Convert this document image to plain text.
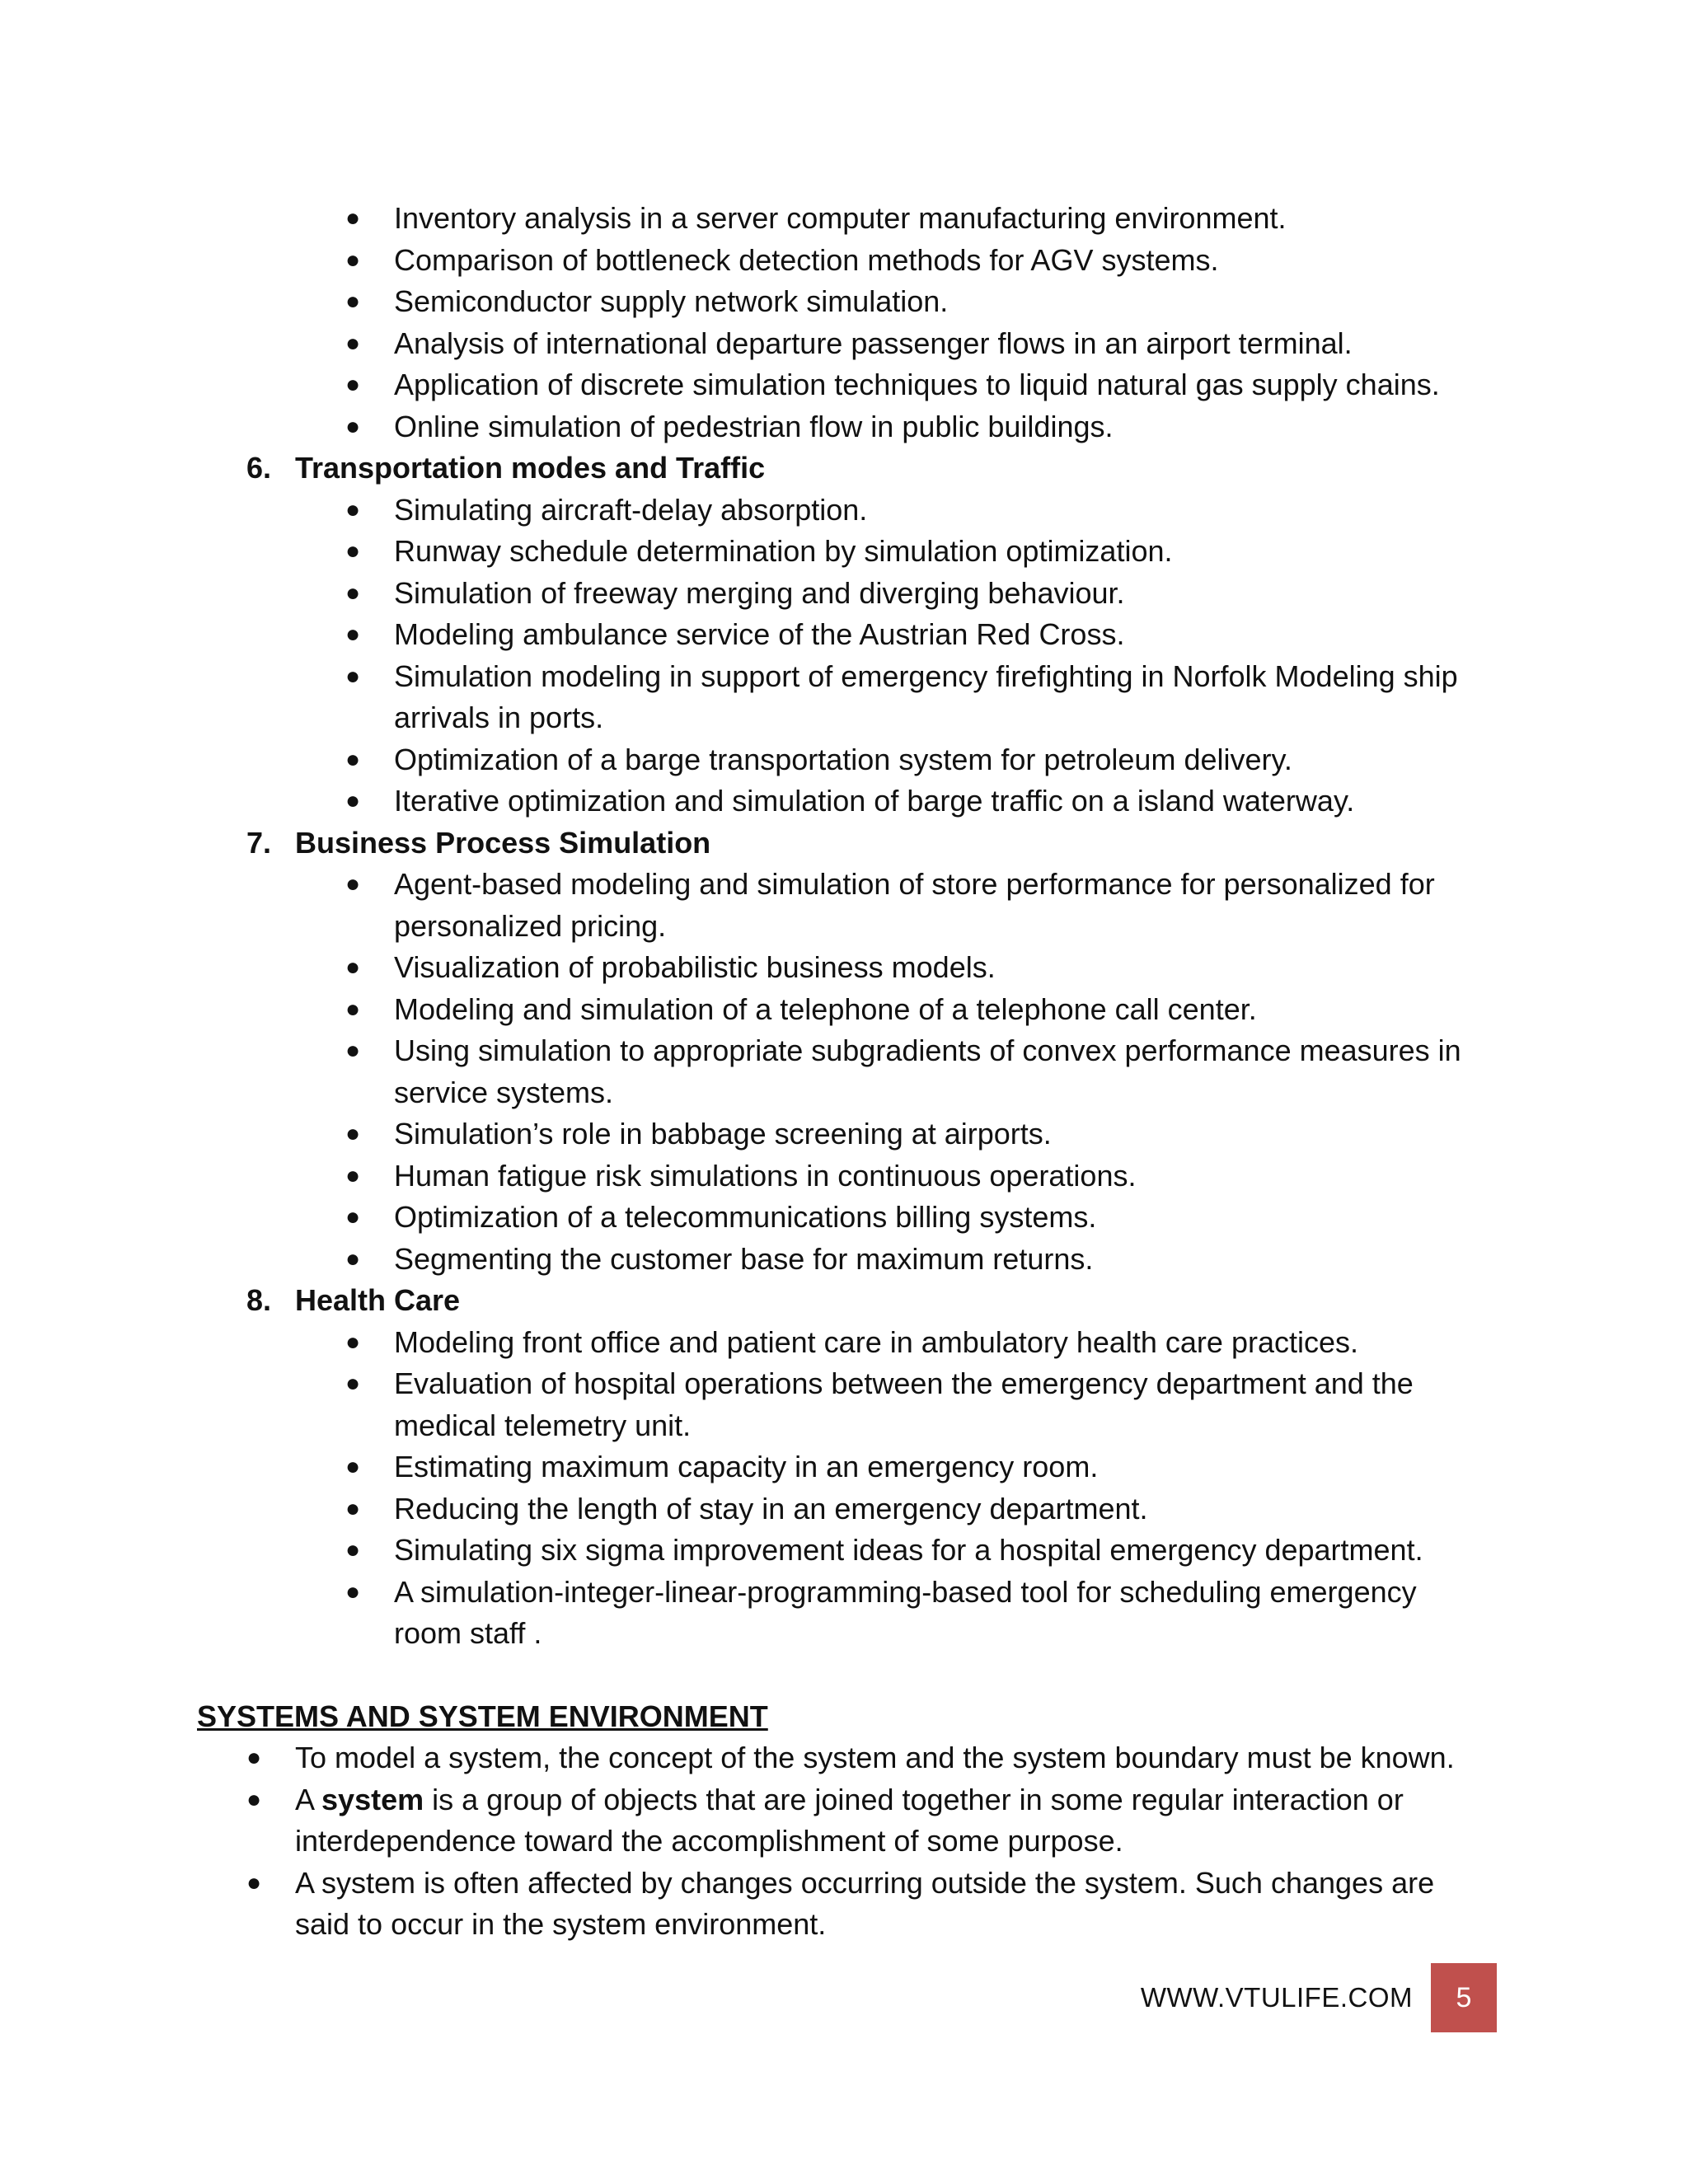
● Inventory analysis in a server computer manufacturing environment.
● Comparison of bottleneck detection methods for AGV systems.
● Semiconductor supply network simulation.
● Analysis of international departure passenger flows in an airport terminal.
● Application of discrete simulation techniques to liquid natural gas supply chains.
● Online simulation of pedestrian flow in public buildings.
6. Transportation modes and Traffic
● Simulating aircraft-delay absorption.
● Runway schedule determination by simulation optimization.
● Simulation of freeway merging and diverging behaviour.
● Modeling ambulance service of the Austrian Red Cross.
● Simulation modeling in support of emergency firefighting in Norfolk Modeling ship arrivals in ports.
● Optimization of a barge transportation system for petroleum delivery.
● Iterative optimization and simulation of barge traffic on a island waterway.
7. Business Process Simulation
● Agent-based modeling and simulation of store performance for personalized for personalized pricing.
● Visualization of probabilistic business models.
● Modeling and simulation of a telephone of a telephone call center.
● Using simulation to appropriate subgradients of convex performance measures in service systems.
● Simulation’s role in babbage screening at airports.
● Human fatigue risk simulations in continuous operations.
● Optimization of a telecommunications billing systems.
● Segmenting the customer base for maximum returns.
8. Health Care
● Modeling front office and patient care in ambulatory health care practices.
● Evaluation of hospital operations between the emergency department and the medical telemetry unit.
● Estimating maximum capacity in an emergency room.
● Reducing the length of stay in an emergency department.
● Simulating six sigma improvement ideas for a hospital emergency department.
● A simulation-integer-linear-programming-based tool for scheduling emergency room staff .
SYSTEMS AND SYSTEM ENVIRONMENT
● To model a system, the concept of the system and the system boundary must be known.
● A system is a group of objects that are joined together in some regular interaction or interdependence toward the accomplishment of some purpose.
● A system is often affected by changes occurring outside the system. Such changes are said to occur in the system environment.
WWW.VTULIFE.COM	5
